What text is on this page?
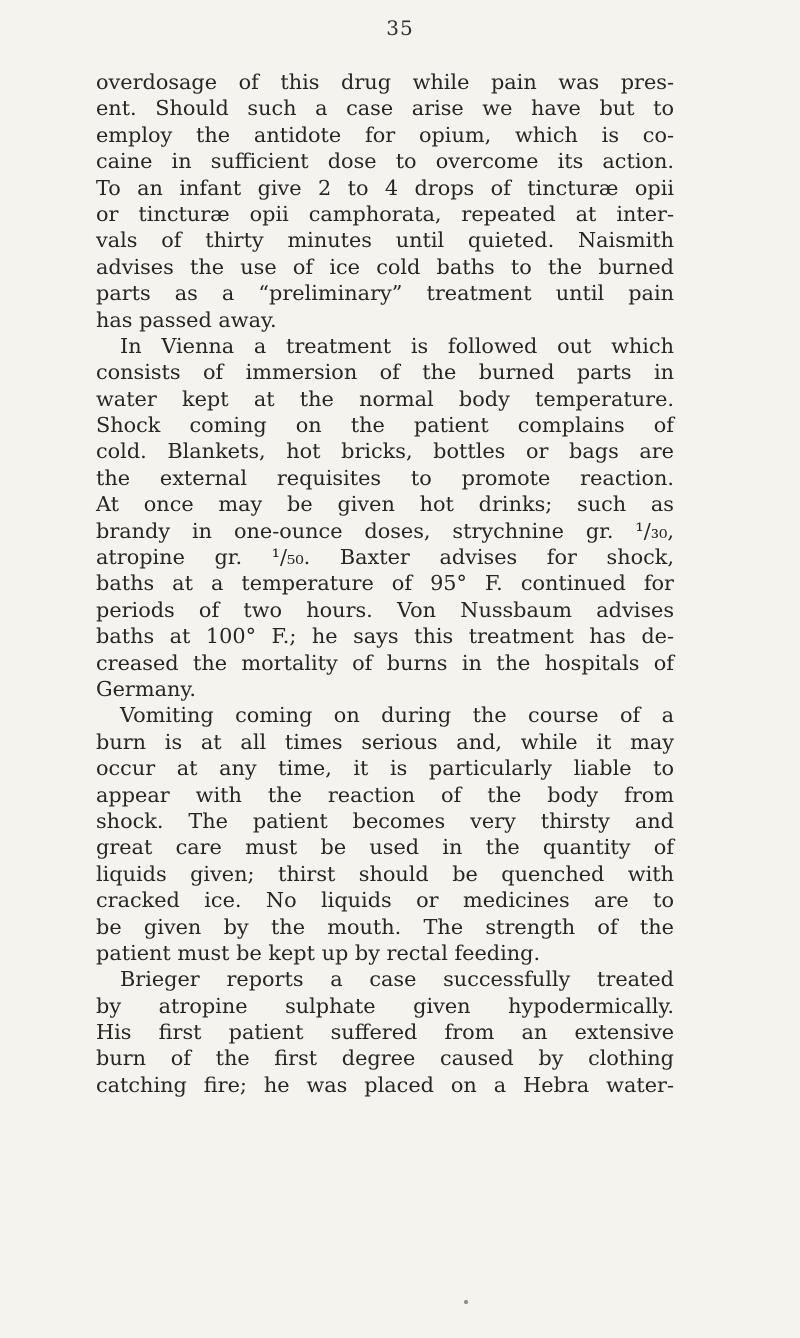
35
overdosage of this drug while pain was pres-
ent. Should such a case arise we have but to
employ the antidote for opium, which is co-
caine in sufficient dose to overcome its action.
To an infant give 2 to 4 drops of tincturæ opii
or tincturæ opii camphorata, repeated at inter-
vals of thirty minutes until quieted. Naismith
advises the use of ice cold baths to the burned
parts as a “preliminary” treatment until pain
has passed away.
In Vienna a treatment is followed out which
consists of immersion of the burned parts in
water kept at the normal body temperature.
Shock coming on the patient complains of
cold. Blankets, hot bricks, bottles or bags are
the external requisites to promote reaction.
At once may be given hot drinks; such as
brandy in one-ounce doses, strychnine gr. ¹/₃₀,
atropine gr. ¹/₅₀. Baxter advises for shock,
baths at a temperature of 95° F. continued for
periods of two hours. Von Nussbaum advises
baths at 100° F.; he says this treatment has de-
creased the mortality of burns in the hospitals of
Germany.
Vomiting coming on during the course of a
burn is at all times serious and, while it may
occur at any time, it is particularly liable to
appear with the reaction of the body from
shock. The patient becomes very thirsty and
great care must be used in the quantity of
liquids given; thirst should be quenched with
cracked ice. No liquids or medicines are to
be given by the mouth. The strength of the
patient must be kept up by rectal feeding.
Brieger reports a case successfully treated
by atropine sulphate given hypodermically.
His first patient suffered from an extensive
burn of the first degree caused by clothing
catching fire; he was placed on a Hebra water-
